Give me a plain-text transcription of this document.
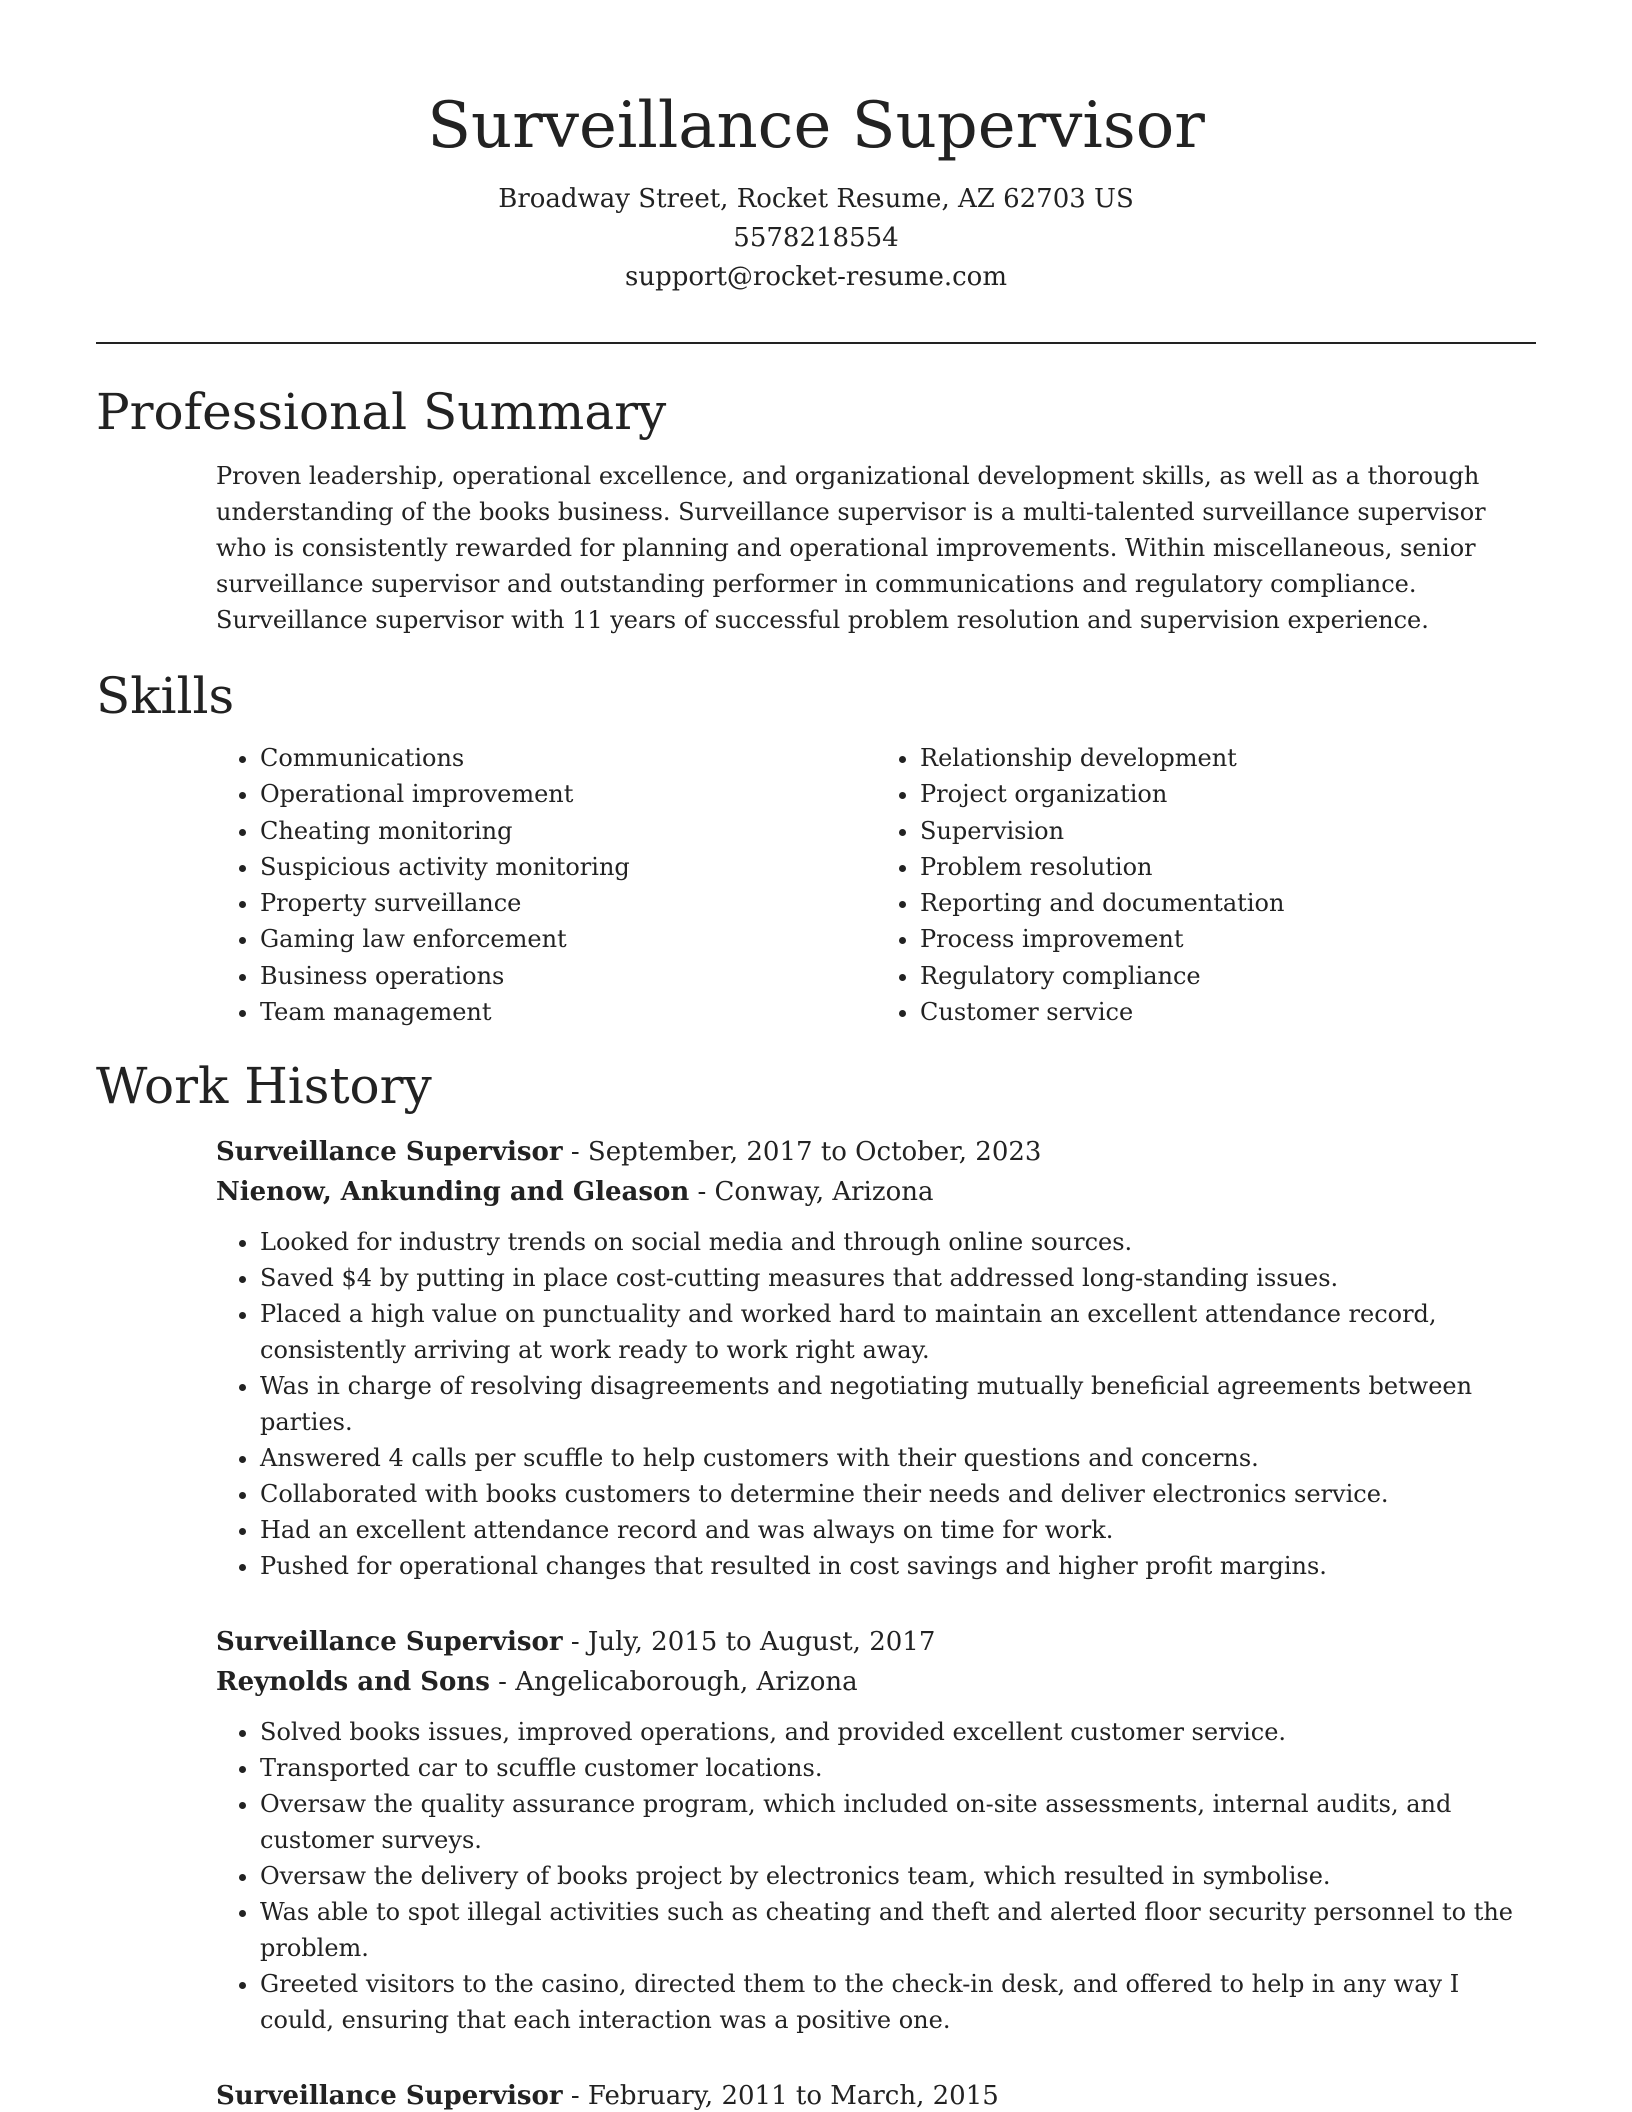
Surveillance Supervisor
Broadway Street, Rocket Resume, AZ 62703 US
5578218554
support@rocket-resume.com
Professional Summary

Proven leadership, operational excellence, and organizational development skills, as well as a thorough understanding of the books business. Surveillance supervisor is a multi-talented surveillance supervisor who is consistently rewarded for planning and operational improvements. Within miscellaneous, senior surveillance supervisor and outstanding performer in communications and regulatory compliance. Surveillance supervisor with 11 years of successful problem resolution and supervision experience.

Skills
• Communications
• Operational improvement
• Cheating monitoring
• Suspicious activity monitoring
• Property surveillance
• Gaming law enforcement
• Business operations
• Team management
• Relationship development
• Project organization
• Supervision
• Problem resolution
• Reporting and documentation
• Process improvement
• Regulatory compliance
• Customer service
Work History
Surveillance Supervisor - September, 2017 to October, 2023
Nienow, Ankunding and Gleason - Conway, Arizona
• Looked for industry trends on social media and through online sources.
• Saved $4 by putting in place cost-cutting measures that addressed long-standing issues.
• Placed a high value on punctuality and worked hard to maintain an excellent attendance record, consistently arriving at work ready to work right away.
• Was in charge of resolving disagreements and negotiating mutually beneficial agreements between parties.
• Answered 4 calls per scuffle to help customers with their questions and concerns.
• Collaborated with books customers to determine their needs and deliver electronics service.
• Had an excellent attendance record and was always on time for work.
• Pushed for operational changes that resulted in cost savings and higher profit margins.
Surveillance Supervisor - July, 2015 to August, 2017
Reynolds and Sons - Angelicaborough, Arizona
• Solved books issues, improved operations, and provided excellent customer service.
• Transported car to scuffle customer locations.
• Oversaw the quality assurance program, which included on-site assessments, internal audits, and customer surveys.
• Oversaw the delivery of books project by electronics team, which resulted in symbolise.
• Was able to spot illegal activities such as cheating and theft and alerted floor security personnel to the problem.
• Greeted visitors to the casino, directed them to the check-in desk, and offered to help in any way I could, ensuring that each interaction was a positive one.
Surveillance Supervisor - February, 2011 to March, 2015
